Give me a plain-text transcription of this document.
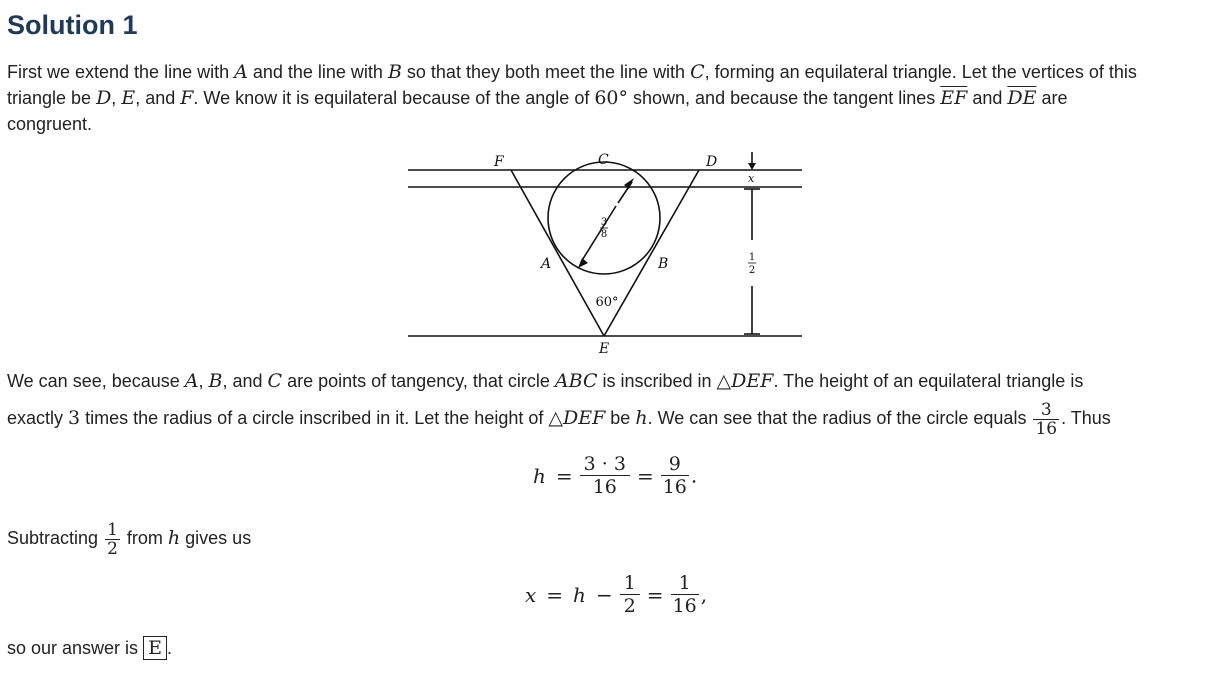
Solution 1
First we extend the line with A and the line with B so that they both meet the line with C, forming an equilateral triangle. Let the vertices of this
triangle be D, E, and F. We know it is equilateral because of the angle of 60° shown, and because the tangent lines $\overline{EF}$ and $\overline{DE}$ are
congruent.
F	C	D
x
A	B
E
3
8
1
2
60°
We can see, because A, B, and C are points of tangency, that circle ABC is inscribed in △DEF. The height of an equilateral triangle is
exactly 3 times the radius of a circle inscribed in it. Let the height of △DEF be h. We can see that the radius of the circle equals $\frac{3}{16}$ . Thus
$h = \frac{3 \cdot 3}{16} = \frac{9}{16}$ .
Subtracting $\frac{1}{2}$ from h gives us
$x = h - \frac{1}{2} = \frac{1}{16}$ ,
so our answer is E .
